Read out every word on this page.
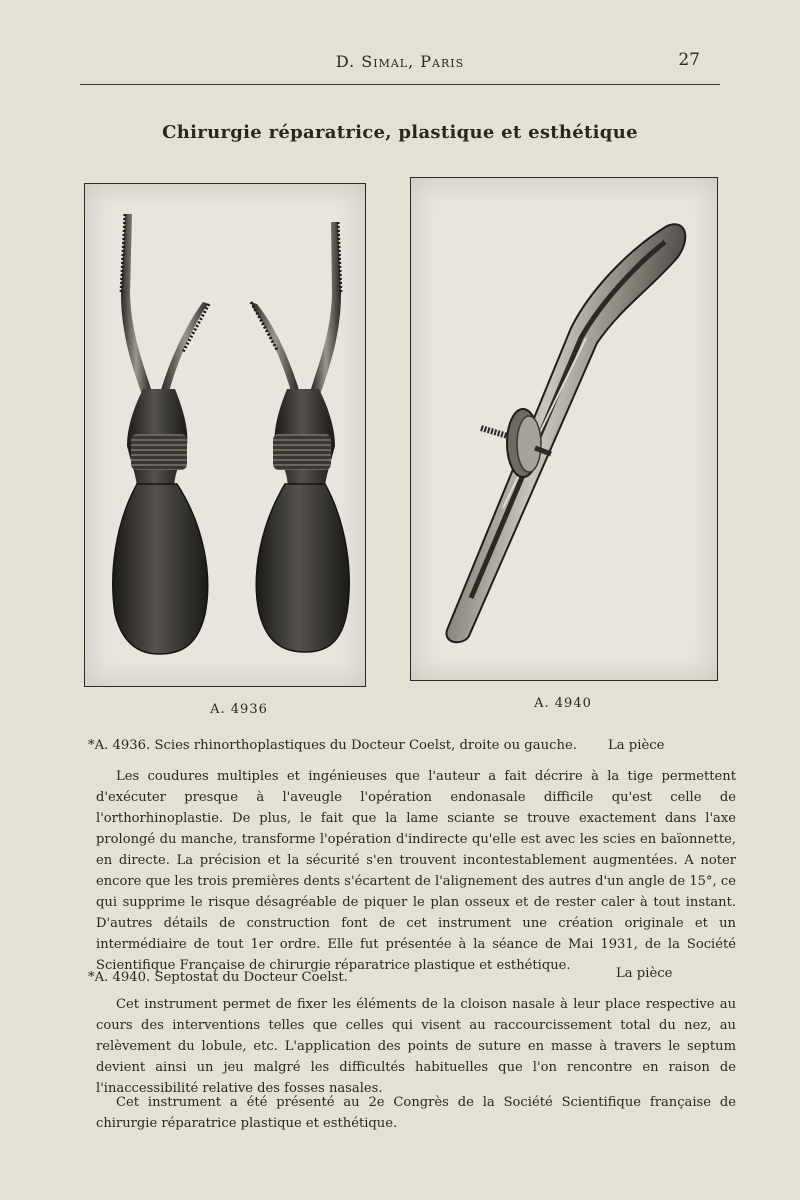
D. Simal, Paris	27
Chirurgie réparatrice, plastique et esthétique
A. 4936	A. 4940
*A. 4936. Scies rhinorthoplastiques du Docteur Coelst, droite ou gauche. La pièce

Les coudures multiples et ingénieuses que l'auteur a fait décrire à la tige permettent d'exécuter presque à l'aveugle l'opération endonasale difficile qu'est celle de l'orthorhinoplastie. De plus, le fait que la lame sciante se trouve exactement dans l'axe prolongé du manche, transforme l'opération d'indirecte qu'elle est avec les scies en baïonnette, en directe. La précision et la sécurité s'en trouvent incontestablement augmentées. A noter encore que les trois premières dents s'écartent de l'alignement des autres d'un angle de 15°, ce qui supprime le risque désagréable de piquer le plan osseux et de rester caler à tout instant. D'autres détails de construction font de cet instrument une création originale et un intermédiaire de tout 1er ordre. Elle fut présentée à la séance de Mai 1931, de la Société Scientifique Française de chirurgie réparatrice plastique et esthétique.

*A. 4940. Septostat du Docteur Coelst.	La pièce

Cet instrument permet de fixer les éléments de la cloison nasale à leur place respective au cours des interventions telles que celles qui visent au raccourcissement total du nez, au relèvement du lobule, etc. L'application des points de suture en masse à travers le septum devient ainsi un jeu malgré les difficultés habituelles que l'on rencontre en raison de l'inaccessibilité relative des fosses nasales.

Cet instrument a été présenté au 2e Congrès de la Société Scientifique française de chirurgie réparatrice plastique et esthétique.
